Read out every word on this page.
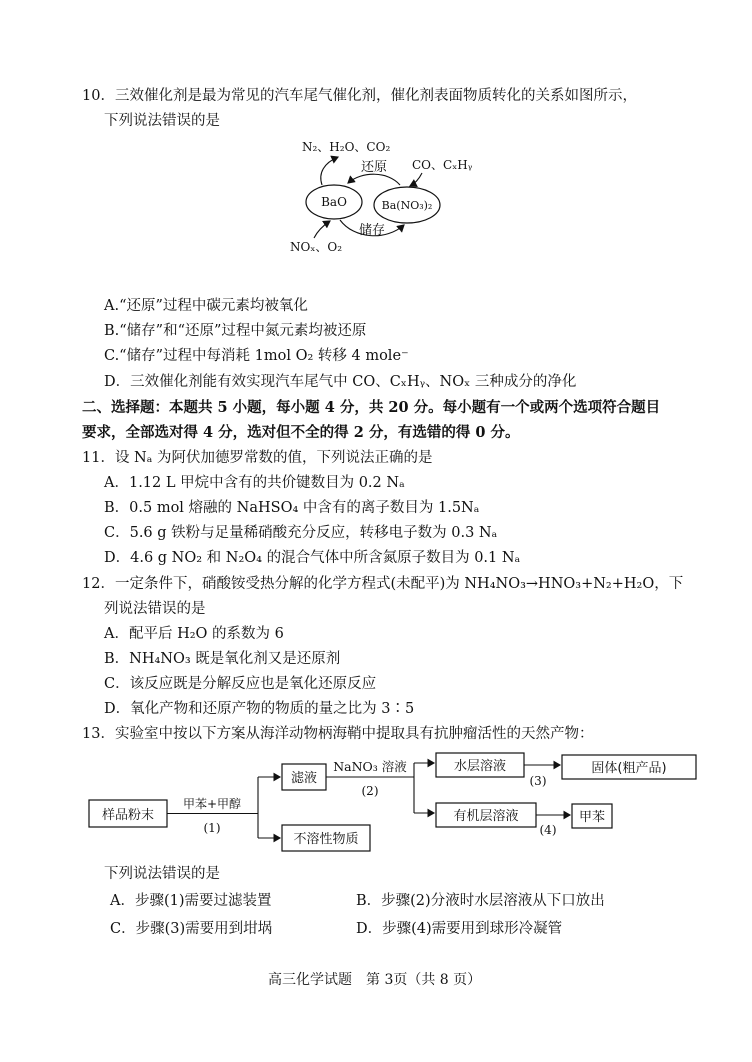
10．三效催化剂是最为常见的汽车尾气催化剂，催化剂表面物质转化的关系如图所示，
下列说法错误的是
N₂、H₂O、CO₂
CO、CₓHᵧ
NOₓ、O₂
BaO	Ba(NO₃)₂
还原
储存
A.“还原”过程中碳元素均被氧化
B.“储存”和“还原”过程中氮元素均被还原
C.“储存”过程中每消耗 1mol O₂ 转移 4 mole⁻
D．三效催化剂能有效实现汽车尾气中 CO、CₓHᵧ、NOₓ 三种成分的净化
二、选择题：本题共 5 小题，每小题 4 分，共 20 分。每小题有一个或两个选项符合题目
要求，全部选对得 4 分，选对但不全的得 2 分，有选错的得 0 分。
11．设 Nₐ 为阿伏加德罗常数的值，下列说法正确的是
A．1.12 L 甲烷中含有的共价键数目为 0.2 Nₐ
B．0.5 mol 熔融的 NaHSO₄ 中含有的离子数目为 1.5Nₐ
C．5.6 g 铁粉与足量稀硝酸充分反应，转移电子数为 0.3 Nₐ
D．4.6 g NO₂ 和 N₂O₄ 的混合气体中所含氮原子数目为 0.1 Nₐ
12．一定条件下，硝酸铵受热分解的化学方程式(未配平)为 NH₄NO₃→HNO₃+N₂+H₂O，下
列说法错误的是
A．配平后 H₂O 的系数为 6
B．NH₄NO₃ 既是氧化剂又是还原剂
C．该反应既是分解反应也是氧化还原反应
D．氧化产物和还原产物的物质的量之比为 3∶5
13．实验室中按以下方案从海洋动物柄海鞘中提取具有抗肿瘤活性的天然产物：
样品粉末
甲苯+甲醇
(1)
滤液
不溶性物质
NaNO₃ 溶液
(2)
水层溶液
有机层溶液
(3)
(4)
固体(粗产品)
甲苯
下列说法错误的是
A．步骤(1)需要过滤装置	B．步骤(2)分液时水层溶液从下口放出
C．步骤(3)需要用到坩埚	D．步骤(4)需要用到球形冷凝管
高三化学试题　第 3页（共 8 页）
